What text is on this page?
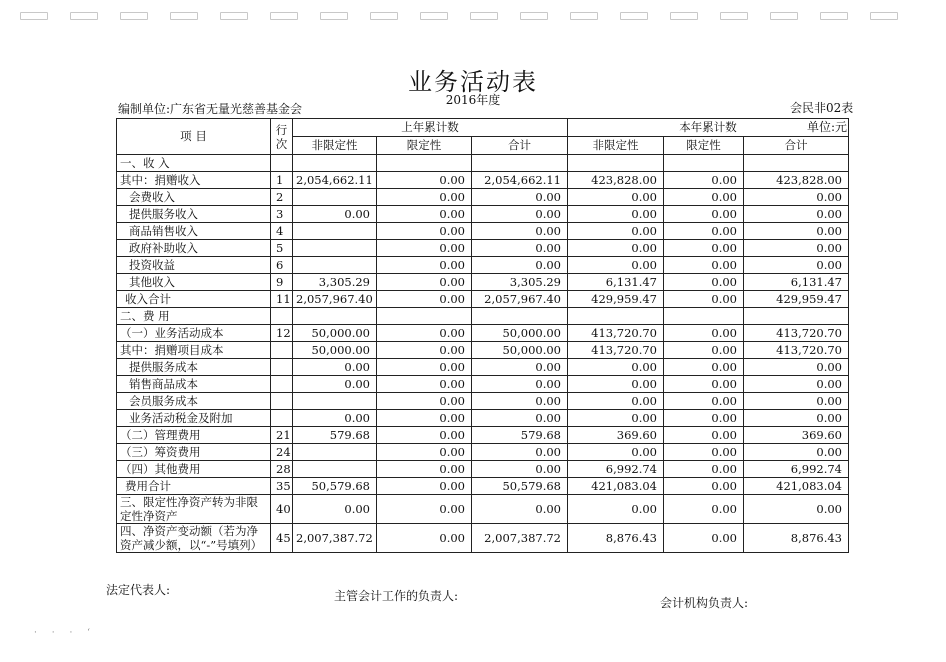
业务活动表
2016年度
编制单位:广东省无量光慈善基金会	会民非02表
单位:元
项 目	行次	上年累计数			本年累计数		
		非限定性	限定性	合计	非限定性	限定性	合计
一、收 入							
其中：捐赠收入	1	2,054,662.11	0.00	2,054,662.11	423,828.00	0.00	423,828.00
会费收入	2		0.00	0.00	0.00	0.00	0.00
提供服务收入	3	0.00	0.00	0.00	0.00	0.00	0.00
商品销售收入	4		0.00	0.00	0.00	0.00	0.00
政府补助收入	5		0.00	0.00	0.00	0.00	0.00
投资收益	6		0.00	0.00	0.00	0.00	0.00
其他收入	9	3,305.29	0.00	3,305.29	6,131.47	0.00	6,131.47
收入合计	11	2,057,967.40	0.00	2,057,967.40	429,959.47	0.00	429,959.47
二、费 用							
（一）业务活动成本	12	50,000.00	0.00	50,000.00	413,720.70	0.00	413,720.70
其中：捐赠项目成本		50,000.00	0.00	50,000.00	413,720.70	0.00	413,720.70
提供服务成本		0.00	0.00	0.00	0.00	0.00	0.00
销售商品成本		0.00	0.00	0.00	0.00	0.00	0.00
会员服务成本			0.00	0.00	0.00	0.00	0.00
业务活动税金及附加		0.00	0.00	0.00	0.00	0.00	0.00
（二）管理费用	21	579.68	0.00	579.68	369.60	0.00	369.60
（三）筹资费用	24		0.00	0.00	0.00	0.00	0.00
（四）其他费用	28		0.00	0.00	6,992.74	0.00	6,992.74
费用合计	35	50,579.68	0.00	50,579.68	421,083.04	0.00	421,083.04
三、限定性净资产转为非限定性净资产	40	0.00	0.00	0.00	0.00	0.00	0.00
四、净资产变动额（若为净资产减少额，以“-”号填列）	45	2,007,387.72	0.00	2,007,387.72	8,876.43	0.00	8,876.43
法定代表人:	主管会计工作的负责人:	会计机构负责人:
· · · ‘
